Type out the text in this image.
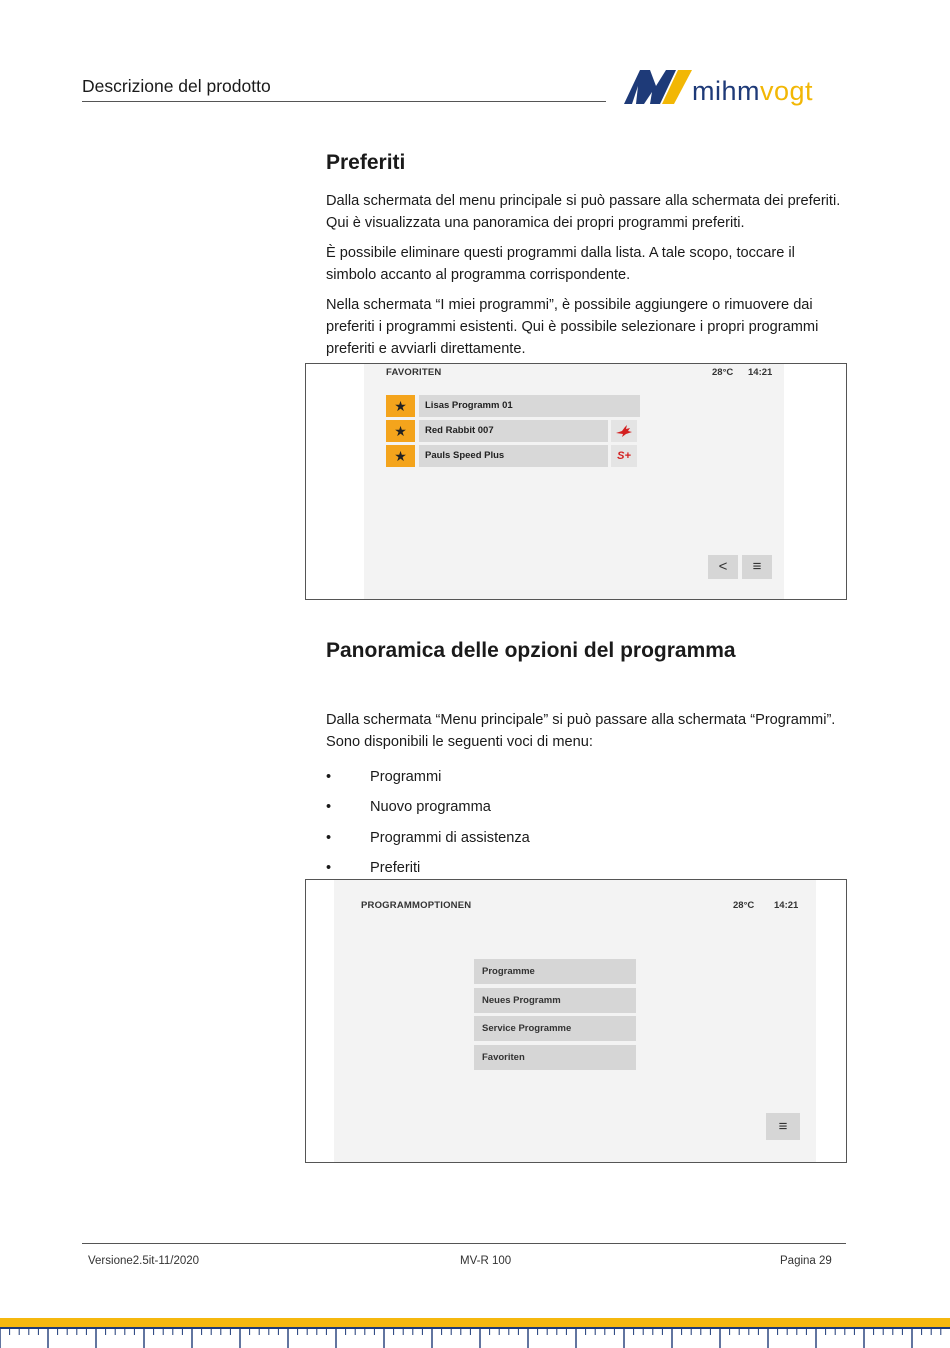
Descrizione del prodotto	mihmvogt
Preferiti
Dalla schermata del menu principale si può passare alla schermata dei preferiti. Qui è visualizzata una panoramica dei propri programmi preferiti.
È possibile eliminare questi programmi dalla lista. A tale scopo, toccare il simbolo accanto al programma corrispondente.
Nella schermata “I miei programmi”, è possibile aggiungere o rimuovere dai preferiti i programmi esistenti. Qui è possibile selezionare i propri programmi preferiti e avviarli direttamente.
FAVORITEN	28°C 14:21
★	Lisas Programm 01
★	Red Rabbit 007
★	Pauls Speed Plus	S+
<	≡
Panoramica delle opzioni del programma
Dalla schermata “Menu principale” si può passare alla schermata “Programmi”. Sono disponibili le seguenti voci di menu:
•	Programmi
•	Nuovo programma
•	Programmi di assistenza
•	Preferiti
PROGRAMMOPTIONEN	28°C 14:21
Programme
Neues Programm
Service Programme
Favoriten
≡
Versione2.5it-11/2020	MV-R 100	Pagina 29
